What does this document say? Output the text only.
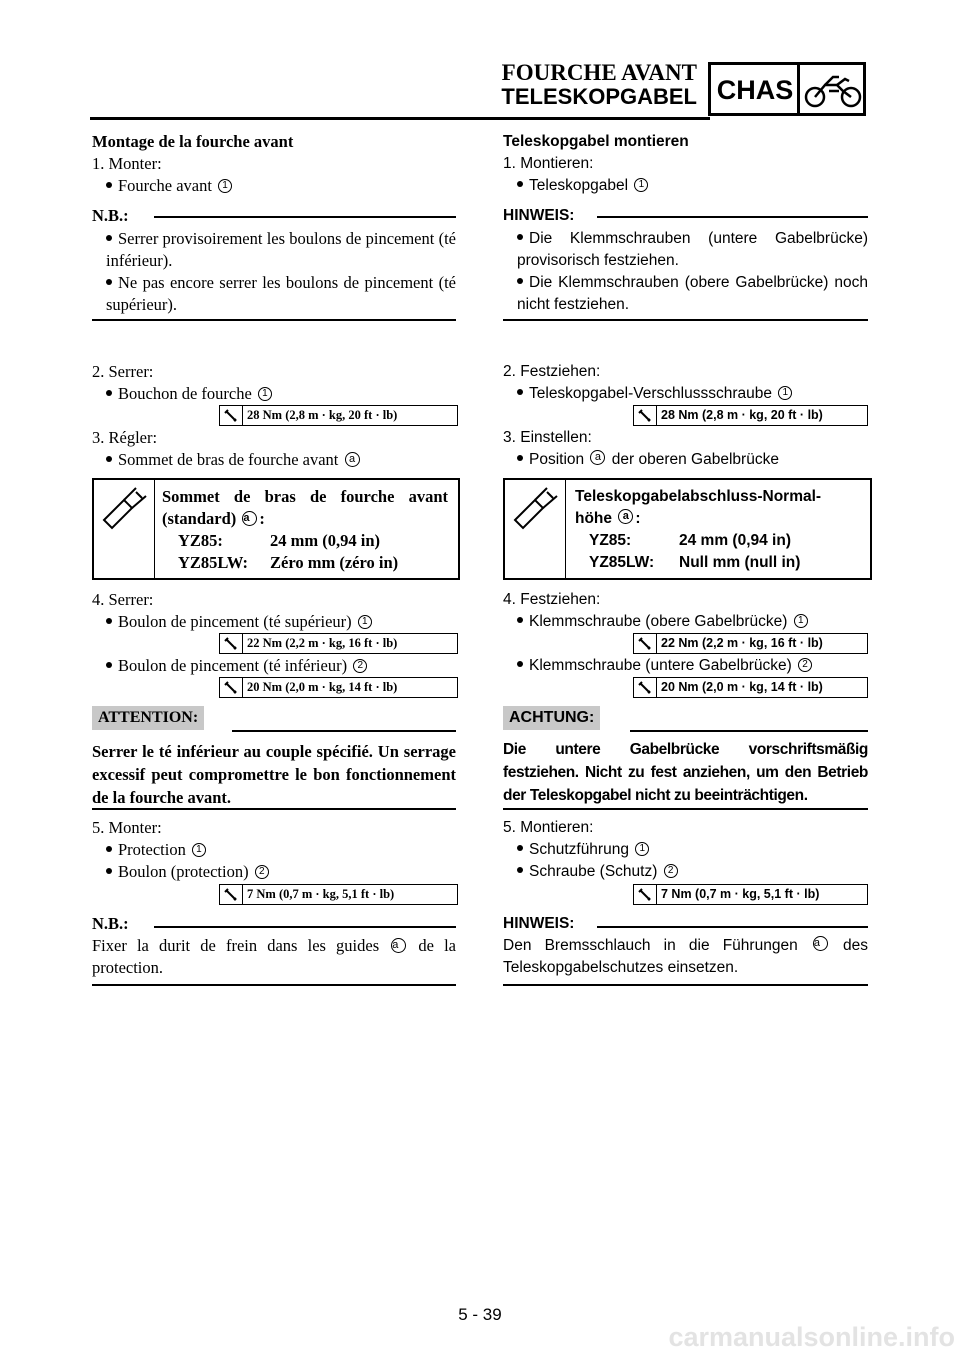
FOURCHE AVANT
TELESKOPGABEL CHAS
Montage de la fourche avant
1. Monter:
Fourche avant 1
N.B.:
Serrer provisoirement les boulons de pincement (té inférieur).
Ne pas encore serrer les boulons de pincement (té supérieur).
2. Serrer:
Bouchon de fourche 1
28 Nm (2,8 m · kg, 20 ft · lb)
3. Régler:
Sommet de bras de fourche avant a
Sommet de bras de fourche avant (standard) a :
YZ85:	24 mm (0,94 in)
YZ85LW: Zéro mm (zéro in)
4. Serrer:
Boulon de pincement (té supérieur) 1
22 Nm (2,2 m · kg, 16 ft · lb)
Boulon de pincement (té inférieur) 2
20 Nm (2,0 m · kg, 14 ft · lb)
ATTENTION:
Serrer le té inférieur au couple spécifié. Un serrage excessif peut compromettre le bon fonctionnement de la fourche avant.
5. Monter:
Protection 1
Boulon (protection) 2
7 Nm (0,7 m · kg, 5,1 ft · lb)
N.B.:
Fixer la durit de frein dans les guides a de la protection.
Teleskopgabel montieren
1. Montieren:
Teleskopgabel 1
HINWEIS:
Die Klemmschrauben (untere Gabelbrücke) provisorisch festziehen.
Die Klemmschrauben (obere Gabelbrücke) noch nicht festziehen.
2. Festziehen:
Teleskopgabel-Verschlussschraube 1
28 Nm (2,8 m · kg, 20 ft · lb)
3. Einstellen:
Position a der oberen Gabelbrücke
Teleskopgabelabschluss-Normal-
höhe a :
YZ85:	24 mm (0,94 in)
YZ85LW: Null mm (null in)
4. Festziehen:
Klemmschraube (obere Gabelbrücke) 1
22 Nm (2,2 m · kg, 16 ft · lb)
Klemmschraube (untere Gabelbrücke) 2
20 Nm (2,0 m · kg, 14 ft · lb)
ACHTUNG:
Die untere Gabelbrücke vorschriftsmäßig festziehen. Nicht zu fest anziehen, um den Betrieb der Teleskopgabel nicht zu beeinträchtigen.
5. Montieren:
Schutzführung 1
Schraube (Schutz) 2
7 Nm (0,7 m · kg, 5,1 ft · lb)
HINWEIS:
Den Bremsschlauch in die Führungen a des Teleskopgabelschutzes einsetzen.
5 - 39
carmanualsonline.info
